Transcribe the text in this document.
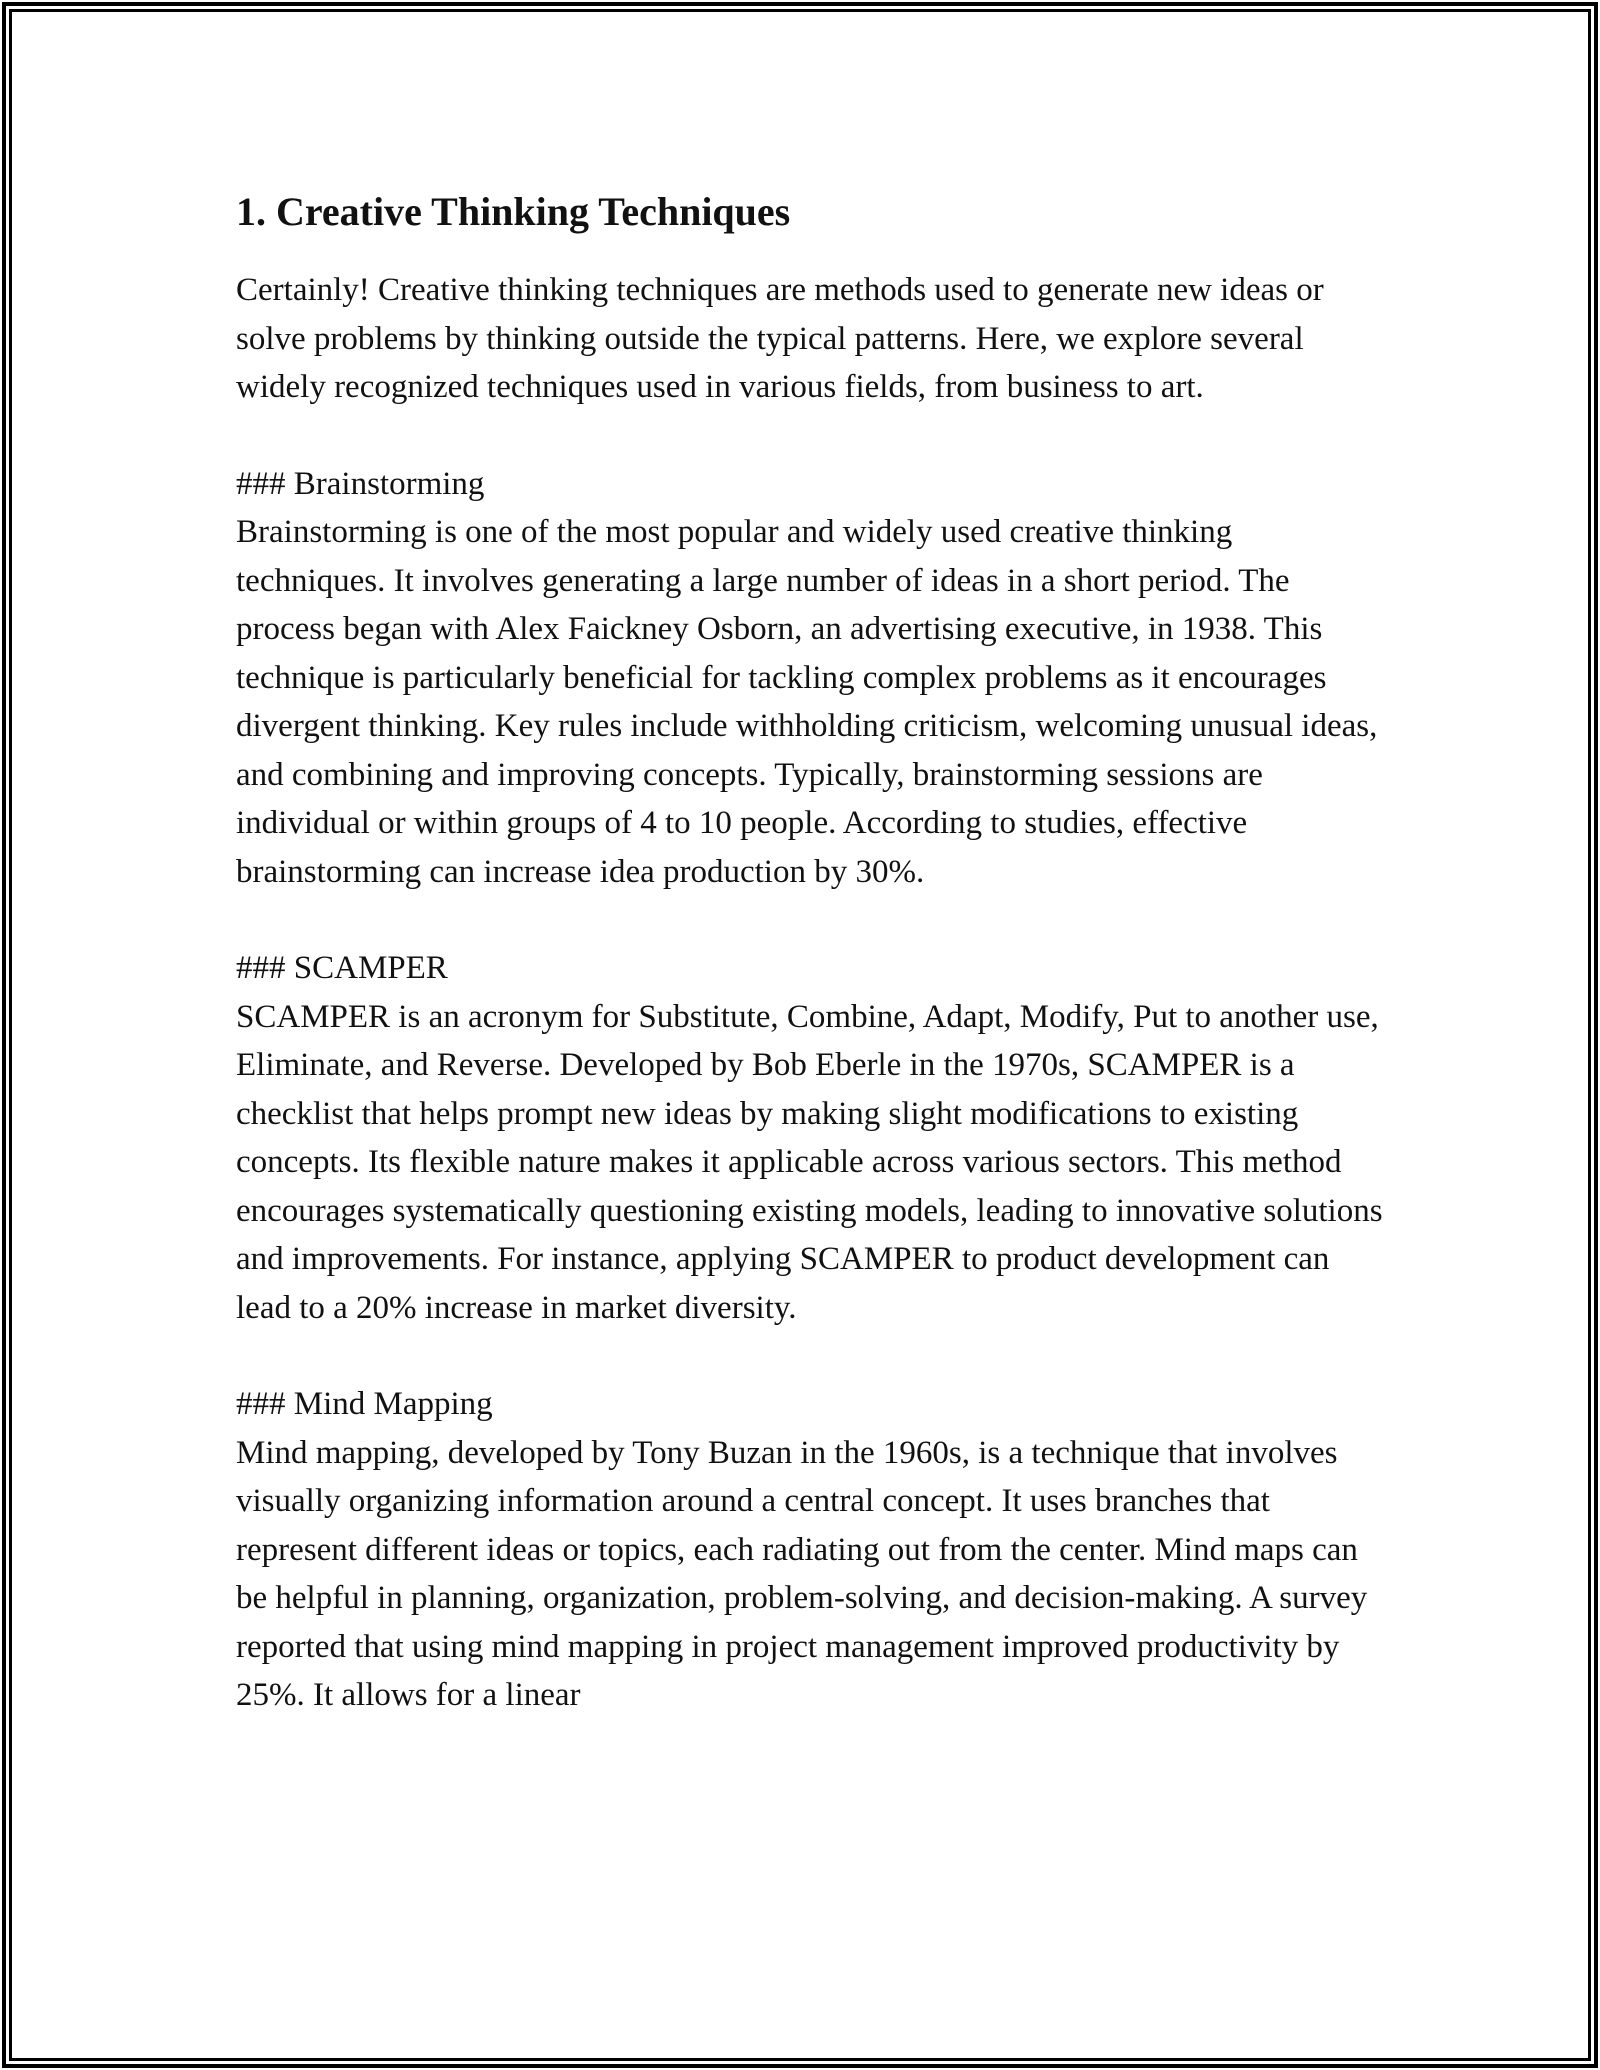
1. Creative Thinking Techniques

Certainly! Creative thinking techniques are methods used to generate new ideas or solve problems by thinking outside the typical patterns. Here, we explore several widely recognized techniques used in various fields, from business to art.

### Brainstorming

Brainstorming is one of the most popular and widely used creative thinking techniques. It involves generating a large number of ideas in a short period. The process began with Alex Faickney Osborn, an advertising executive, in 1938. This technique is particularly beneficial for tackling complex problems as it encourages divergent thinking. Key rules include withholding criticism, welcoming unusual ideas, and combining and improving concepts. Typically, brainstorming sessions are individual or within groups of 4 to 10 people. According to studies, effective brainstorming can increase idea production by 30%.

### SCAMPER

SCAMPER is an acronym for Substitute, Combine, Adapt, Modify, Put to another use, Eliminate, and Reverse. Developed by Bob Eberle in the 1970s, SCAMPER is a checklist that helps prompt new ideas by making slight modifications to existing concepts. Its flexible nature makes it applicable across various sectors. This method encourages systematically questioning existing models, leading to innovative solutions and improvements. For instance, applying SCAMPER to product development can lead to a 20% increase in market diversity.

### Mind Mapping

Mind mapping, developed by Tony Buzan in the 1960s, is a technique that involves visually organizing information around a central concept. It uses branches that represent different ideas or topics, each radiating out from the center. Mind maps can be helpful in planning, organization, problem-solving, and decision-making. A survey reported that using mind mapping in project management improved productivity by 25%. It allows for a linear
